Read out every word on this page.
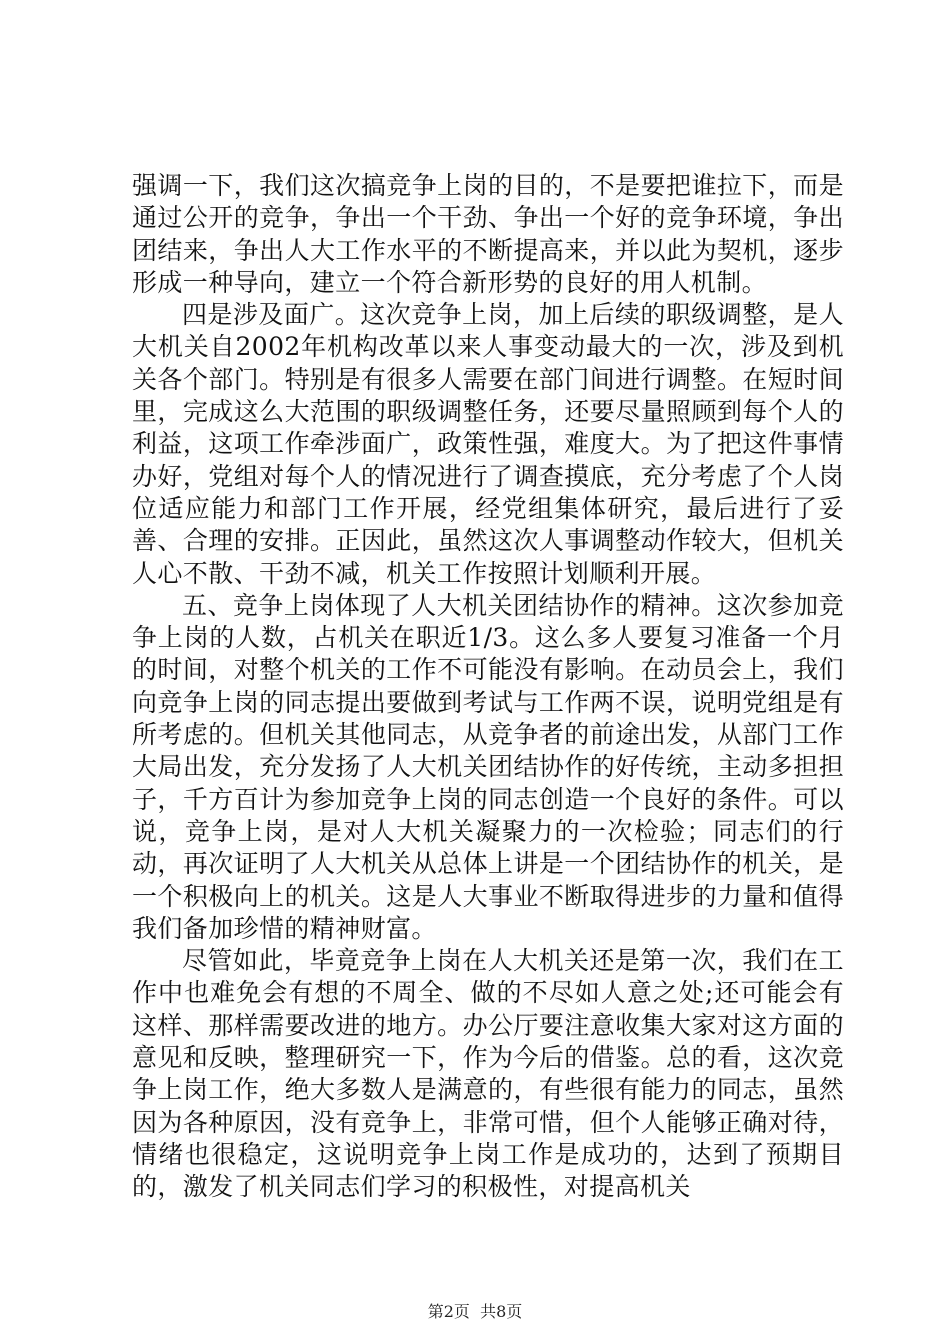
强调一下，我们这次搞竞争上岗的目的，不是要把谁拉下，而是通过公开的竞争，争出一个干劲、争出一个好的竞争环境，争出团结来，争出人大工作水平的不断提高来，并以此为契机，逐步形成一种导向，建立一个符合新形势的良好的用人机制。

四是涉及面广。这次竞争上岗，加上后续的职级调整，是人大机关自2002年机构改革以来人事变动最大的一次，涉及到机关各个部门。特别是有很多人需要在部门间进行调整。在短时间里，完成这么大范围的职级调整任务，还要尽量照顾到每个人的利益，这项工作牵涉面广，政策性强，难度大。为了把这件事情办好，党组对每个人的情况进行了调查摸底，充分考虑了个人岗位适应能力和部门工作开展，经党组集体研究，最后进行了妥善、合理的安排。正因此，虽然这次人事调整动作较大，但机关人心不散、干劲不减，机关工作按照计划顺利开展。

五、竞争上岗体现了人大机关团结协作的精神。这次参加竞争上岗的人数，占机关在职近1/3。这么多人要复习准备一个月的时间，对整个机关的工作不可能没有影响。在动员会上，我们向竞争上岗的同志提出要做到考试与工作两不误，说明党组是有所考虑的。但机关其他同志，从竞争者的前途出发，从部门工作大局出发，充分发扬了人大机关团结协作的好传统，主动多担担子，千方百计为参加竞争上岗的同志创造一个良好的条件。可以说，竞争上岗，是对人大机关凝聚力的一次检验；同志们的行动，再次证明了人大机关从总体上讲是一个团结协作的机关，是一个积极向上的机关。这是人大事业不断取得进步的力量和值得我们备加珍惜的精神财富。

尽管如此，毕竟竞争上岗在人大机关还是第一次，我们在工作中也难免会有想的不周全、做的不尽如人意之处;还可能会有这样、那样需要改进的地方。办公厅要注意收集大家对这方面的意见和反映，整理研究一下，作为今后的借鉴。总的看，这次竞争上岗工作，绝大多数人是满意的，有些很有能力的同志，虽然因为各种原因，没有竞争上，非常可惜，但个人能够正确对待，情绪也很稳定，这说明竞争上岗工作是成功的，达到了预期目的，激发了机关同志们学习的积极性，对提高机关

第2页  共8页
